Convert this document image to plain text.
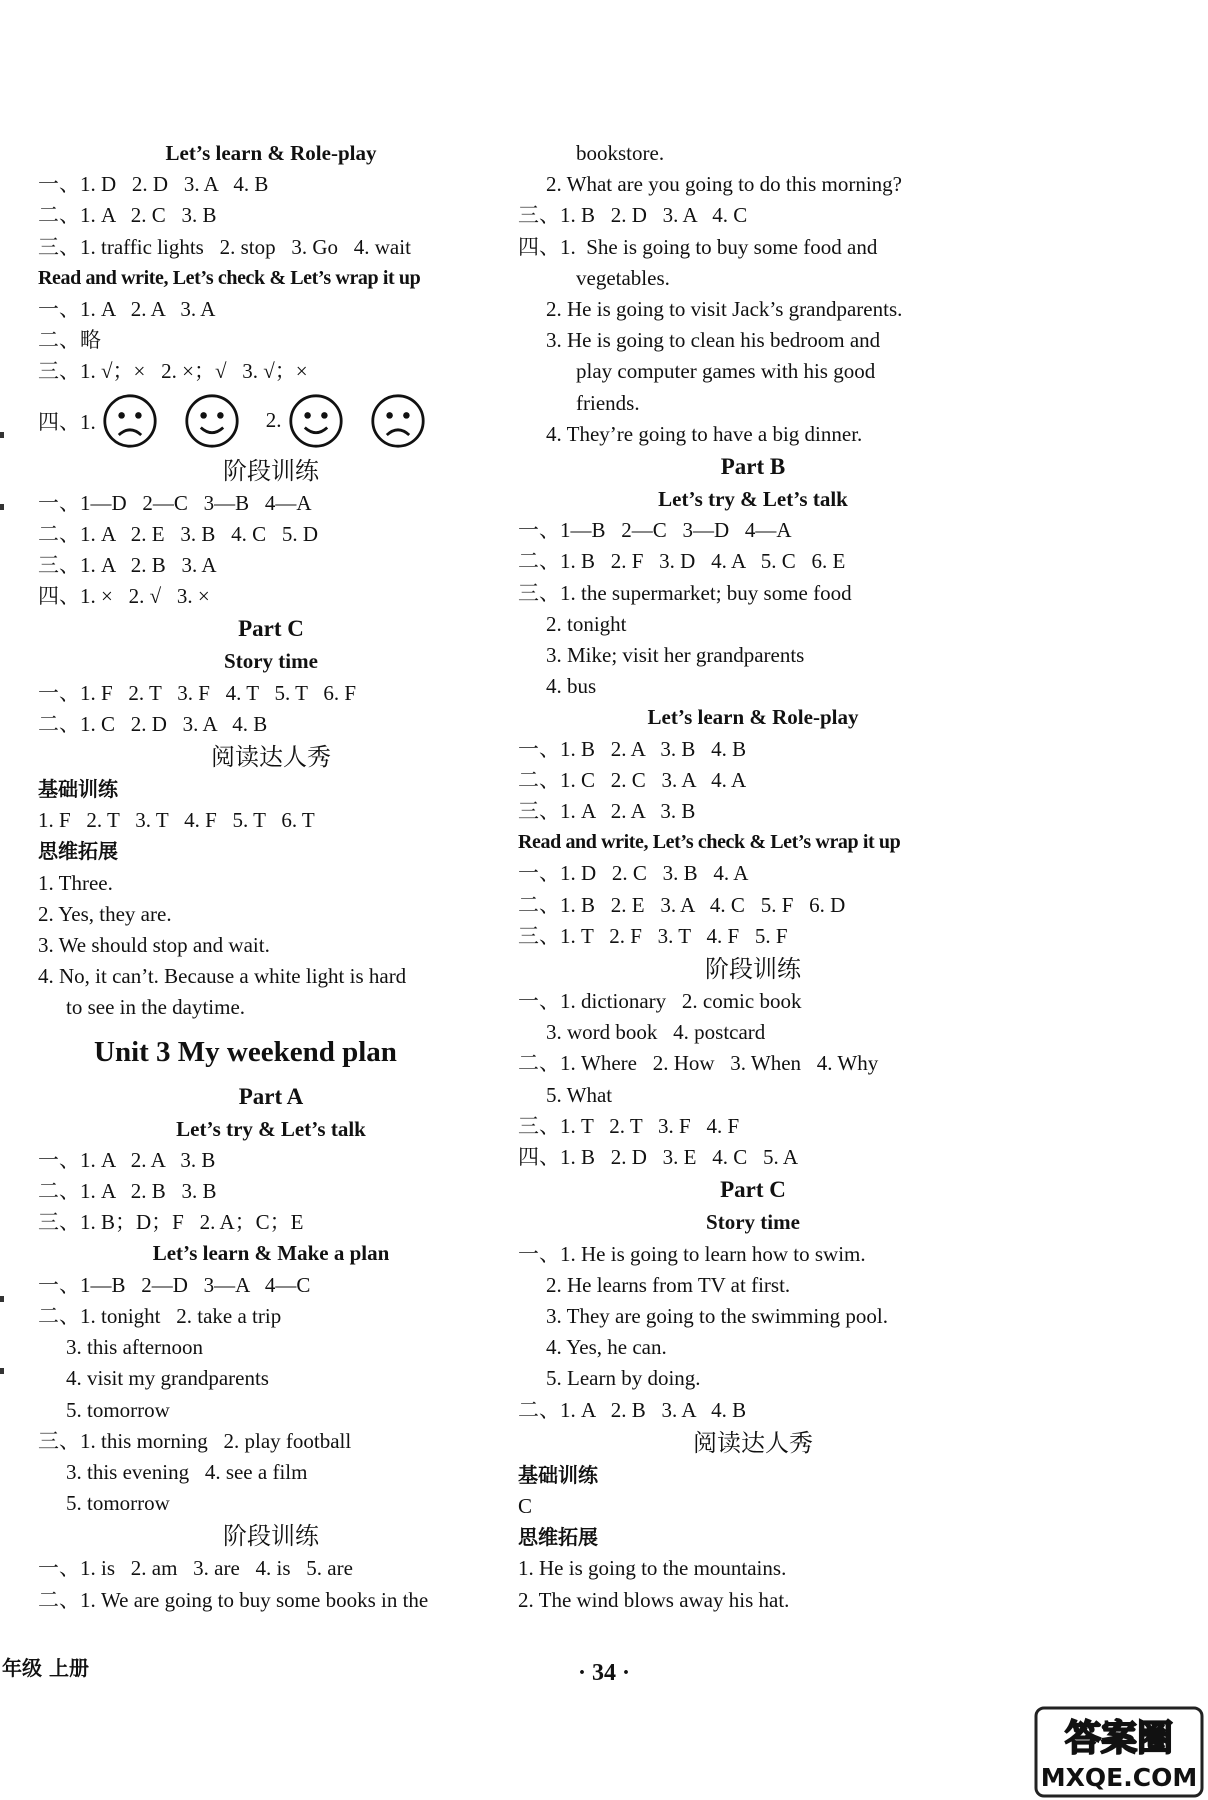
Let’s learn & Role-play
一、1. D   2. D   3. A   4. B
二、1. A   2. C   3. B
三、1. traffic lights   2. stop   3. Go   4. wait
Read and write, Let’s check & Let’s wrap it up
一、1. A   2. A   3. A
二、略
三、1. √；×   2. ×；√   3. √；×
四、1.	2.
阶段训练
一、1—D   2—C   3—B   4—A
二、1. A   2. E   3. B   4. C   5. D
三、1. A   2. B   3. A
四、1. ×   2. √   3. ×
Part C
Story time
一、1. F   2. T   3. F   4. T   5. T   6. F
二、1. C   2. D   3. A   4. B
阅读达人秀
基础训练
1. F   2. T   3. T   4. F   5. T   6. T
思维拓展
1. Three.
2. Yes, they are.
3. We should stop and wait.
4. No, it can’t. Because a white light is hard
to see in the daytime.
Unit 3 My weekend plan
Part A
Let’s try & Let’s talk
一、1. A   2. A   3. B
二、1. A   2. B   3. B
三、1. B；D；F   2. A；C；E
Let’s learn & Make a plan
一、1—B   2—D   3—A   4—C
二、1. tonight   2. take a trip
3. this afternoon
4. visit my grandparents
5. tomorrow
三、1. this morning   2. play football
3. this evening   4. see a film
5. tomorrow
阶段训练
一、1. is   2. am   3. are   4. is   5. are
二、1. We are going to buy some books in the
bookstore.
2. What are you going to do this morning?
三、1. B   2. D   3. A   4. C
四、1.  She is going to buy some food and
vegetables.
2. He is going to visit Jack’s grandparents.
3. He is going to clean his bedroom and
play computer games with his good
friends.
4. They’re going to have a big dinner.
Part B
Let’s try & Let’s talk
一、1—B   2—C   3—D   4—A
二、1. B   2. F   3. D   4. A   5. C   6. E
三、1. the supermarket; buy some food
2. tonight
3. Mike; visit her grandparents
4. bus
Let’s learn & Role-play
一、1. B   2. A   3. B   4. B
二、1. C   2. C   3. A   4. A
三、1. A   2. A   3. B
Read and write, Let’s check & Let’s wrap it up
一、1. D   2. C   3. B   4. A
二、1. B   2. E   3. A   4. C   5. F   6. D
三、1. T   2. F   3. T   4. F   5. F
阶段训练
一、1. dictionary   2. comic book
3. word book   4. postcard
二、1. Where   2. How   3. When   4. Why
5. What
三、1. T   2. T   3. F   4. F
四、1. B   2. D   3. E   4. C   5. A
Part C
Story time
一、1. He is going to learn how to swim.
2. He learns from TV at first.
3. They are going to the swimming pool.
4. Yes, he can.
5. Learn by doing.
二、1. A   2. B   3. A   4. B
阅读达人秀
基础训练
C
思维拓展
1. He is going to the mountains.
2. The wind blows away his hat.
年级 上册	· 34 ·
答案圈
MXQE.COM
